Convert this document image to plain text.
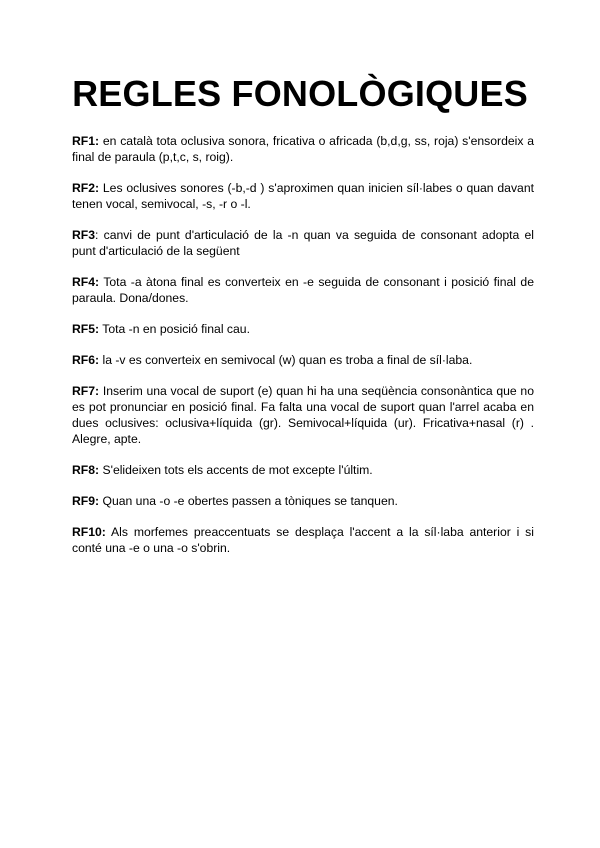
REGLES FONOLÒGIQUES
RF1: en català tota oclusiva sonora, fricativa o africada (b,d,g, ss, roja) s'ensordeix a final de paraula (p,t,c, s, roig).
RF2: Les oclusives sonores (-b,-d ) s'aproximen quan inicien síl·labes o quan davant tenen vocal, semivocal, -s, -r o -l.
RF3: canvi de punt d'articulació de la -n quan va seguida de consonant adopta el punt d'articulació de la següent
RF4: Tota -a àtona final es converteix en -e seguida de consonant i posició final de paraula. Dona/dones.
RF5: Tota -n en posició final cau.
RF6: la -v es converteix en semivocal (w) quan es troba a final de síl·laba.
RF7: Inserim una vocal de suport (e) quan hi ha una seqüència consonàntica que no es pot pronunciar en posició final. Fa falta una vocal de suport quan l'arrel acaba en dues oclusives: oclusiva+líquida (gr). Semivocal+líquida (ur). Fricativa+nasal (r) . Alegre, apte.
RF8: S'elideixen tots els accents de mot excepte l'últim.
RF9: Quan una -o -e obertes passen a tòniques se tanquen.
RF10: Als morfemes preaccentuats se desplaça l'accent a la síl·laba anterior i si conté una -e o una -o s'obrin.
